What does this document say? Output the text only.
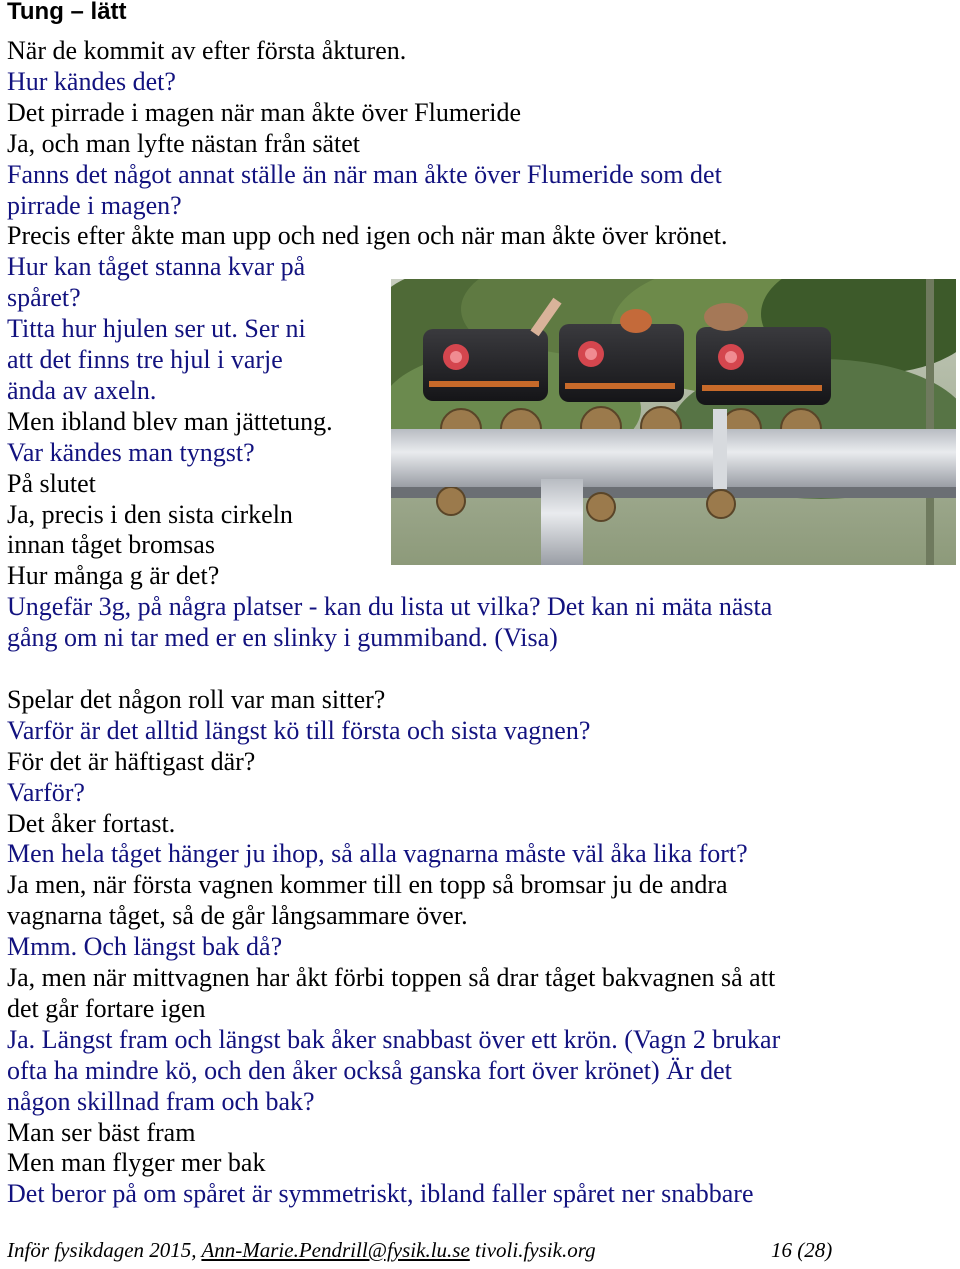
Tung – lätt
När de kommit av efter första åkturen.
Hur kändes det?
Det pirrade i magen när man åkte över Flumeride
Ja, och man lyfte nästan från sätet
Fanns det något annat ställe än när man åkte över Flumeride som det
pirrade i magen?
Precis efter åkte man upp och ned igen och när man åkte över krönet.
Hur kan tåget stanna kvar på
spåret?
Titta hur hjulen ser ut. Ser ni
att det finns tre hjul i varje
ända av axeln.
Men ibland blev man jättetung.
Var kändes man tyngst?
På slutet
Ja, precis i den sista cirkeln
innan tåget bromsas
Hur många g är det?
Ungefär 3g, på några platser - kan du lista ut vilka? Det kan ni mäta nästa
gång om ni tar med er en slinky i gummiband. (Visa)
Spelar det någon roll var man sitter?
Varför är det alltid längst kö till första och sista vagnen?
För det är häftigast där?
Varför?
Det åker fortast.
Men hela tåget hänger ju ihop, så alla vagnarna måste väl åka lika fort?
Ja men, när första vagnen kommer till en topp så bromsar ju de andra
vagnarna tåget, så de går långsammare över.
Mmm. Och längst bak då?
Ja, men när mittvagnen har åkt förbi toppen så drar tåget bakvagnen så att
det går fortare igen
Ja. Längst fram och längst bak åker snabbast över ett krön. (Vagn 2 brukar
ofta ha mindre kö, och den åker också ganska fort över krönet) Är det
någon skillnad fram och bak?
Man ser bäst fram
Men man flyger mer bak
Det beror på om spåret är symmetriskt, ibland faller spåret ner snabbare
Inför fysikdagen 2015, Ann-Marie.Pendrill@fysik.lu.se tivoli.fysik.org	16 (28)
